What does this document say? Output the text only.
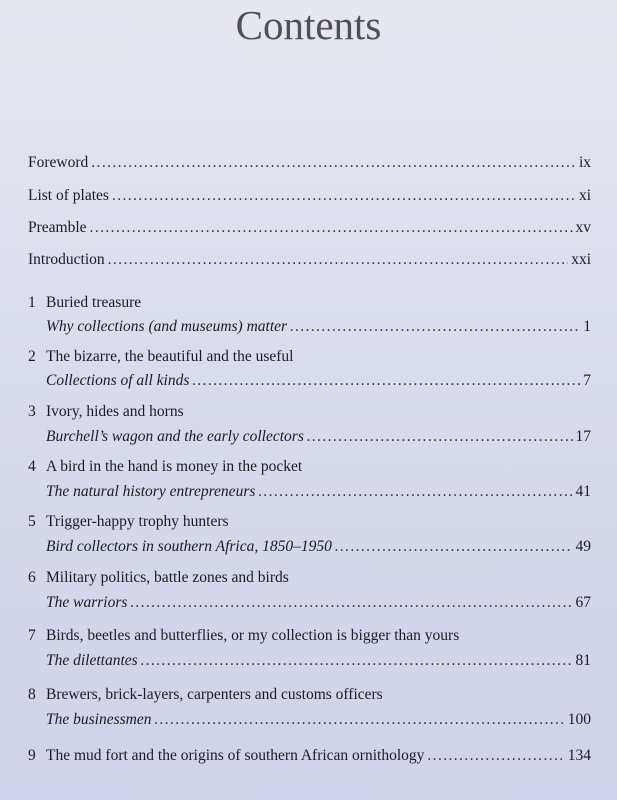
Contents
Foreword .....	ix
List of plates .....	xi
Preamble .....	xv
Introduction .....	xxi
1 Buried treasure
Why collections (and museums) matter .....	1
2 The bizarre, the beautiful and the useful
Collections of all kinds .....	7
3 Ivory, hides and horns
Burchell’s wagon and the early collectors .....	17
4 A bird in the hand is money in the pocket
The natural history entrepreneurs .....	41
5 Trigger-happy trophy hunters
Bird collectors in southern Africa, 1850–1950 .....	49
6 Military politics, battle zones and birds
The warriors .....	67
7 Birds, beetles and butterflies, or my collection is bigger than yours
The dilettantes .....	81
8 Brewers, brick-layers, carpenters and customs officers
The businessmen .....	100
9 The mud fort and the origins of southern African ornithology .....	134
